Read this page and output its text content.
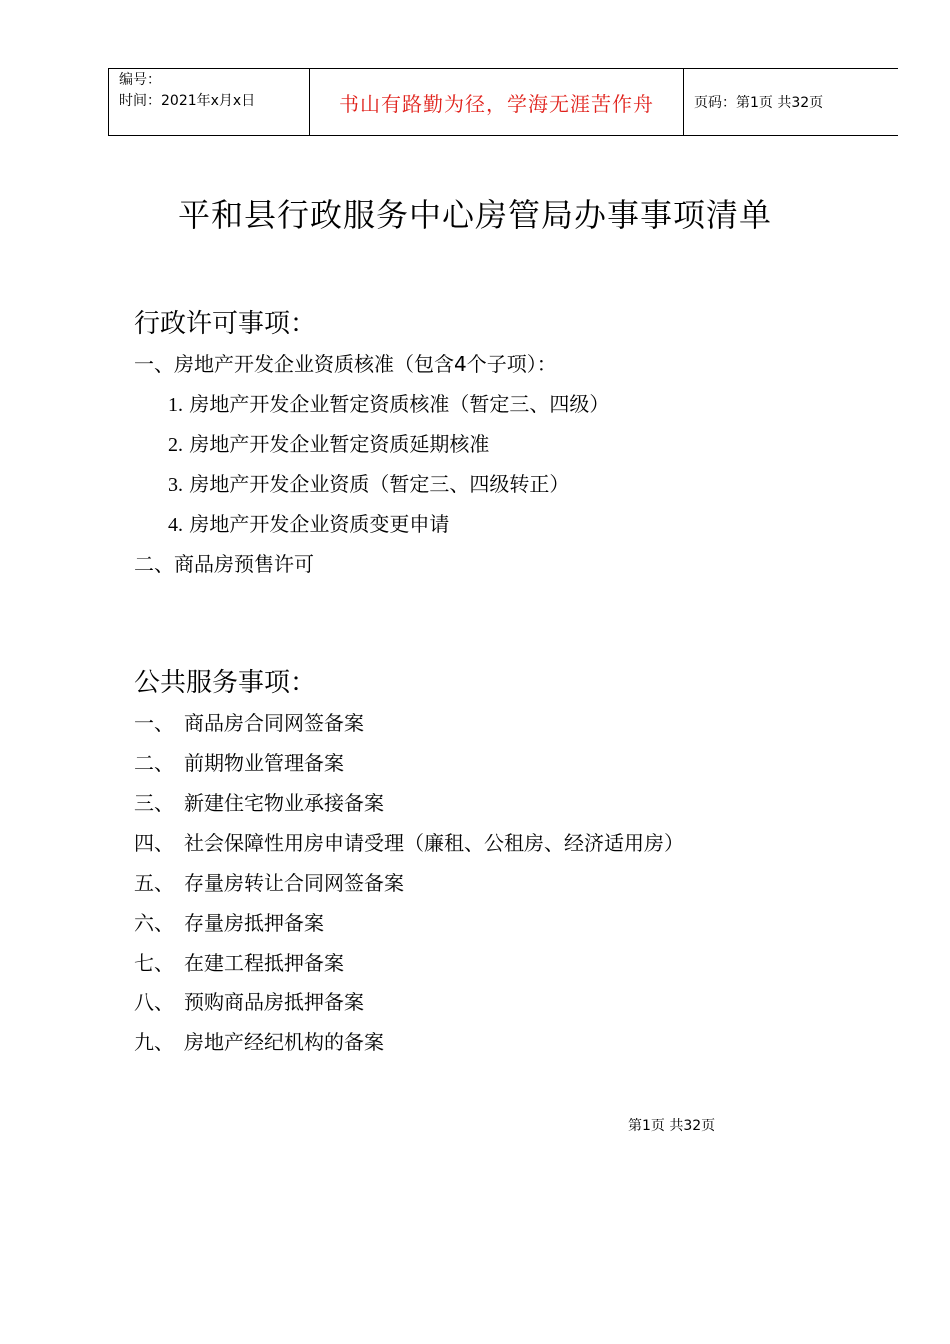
编号：
时间：2021年x月x日	书山有路勤为径，学海无涯苦作舟	页码：第1页 共32页
平和县行政服务中心房管局办事事项清单
行政许可事项：
一、房地产开发企业资质核准（包含4个子项）：
1. 房地产开发企业暂定资质核准（暂定三、四级）
2. 房地产开发企业暂定资质延期核准
3. 房地产开发企业资质（暂定三、四级转正）
4. 房地产开发企业资质变更申请
二、商品房预售许可
公共服务事项：
一、 商品房合同网签备案
二、 前期物业管理备案
三、 新建住宅物业承接备案
四、 社会保障性用房申请受理（廉租、公租房、经济适用房）
五、 存量房转让合同网签备案
六、 存量房抵押备案
七、 在建工程抵押备案
八、 预购商品房抵押备案
九、 房地产经纪机构的备案
第1页 共32页
